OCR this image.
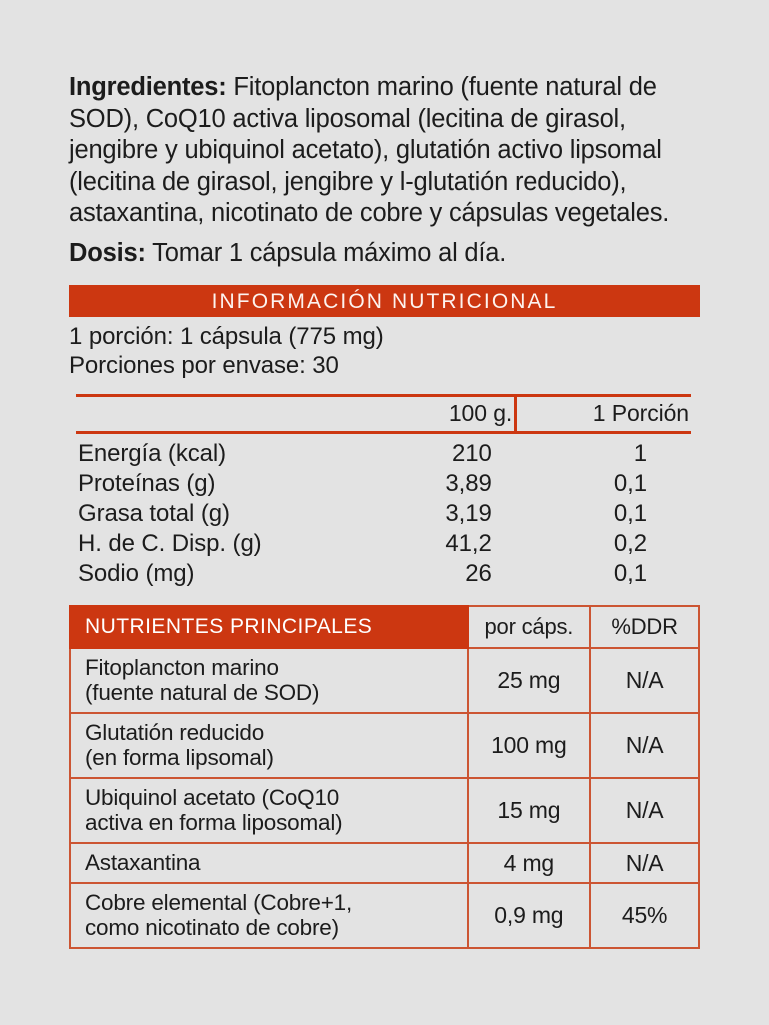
Ingredientes: Fitoplancton marino (fuente natural de SOD), CoQ10 activa liposomal (lecitina de girasol, jengibre y ubiquinol acetato), glutatión activo lipsomal (lecitina de girasol, jengibre y l-glutatión reducido), astaxantina, nicotinato de cobre y cápsulas vegetales.

Dosis: Tomar 1 cápsula máximo al día.

INFORMACIÓN NUTRICIONAL
1 porción: 1 cápsula (775 mg)
Porciones por envase: 30
	100 g.	1 Porción
Energía (kcal)	210	1
Proteínas (g)	3,89	0,1
Grasa total (g)	3,19	0,1
H. de C. Disp. (g)	41,2	0,2
Sodio (mg)	26	0,1
NUTRIENTES PRINCIPALES	por cáps.	%DDR
Fitoplancton marino
(fuente natural de SOD)	25 mg	N/A
Glutatión reducido
(en forma lipsomal)	100 mg	N/A
Ubiquinol acetato (CoQ10
activa en forma liposomal)	15 mg	N/A
Astaxantina	4 mg	N/A
Cobre elemental (Cobre+1,
como nicotinato de cobre)	0,9 mg	45%
